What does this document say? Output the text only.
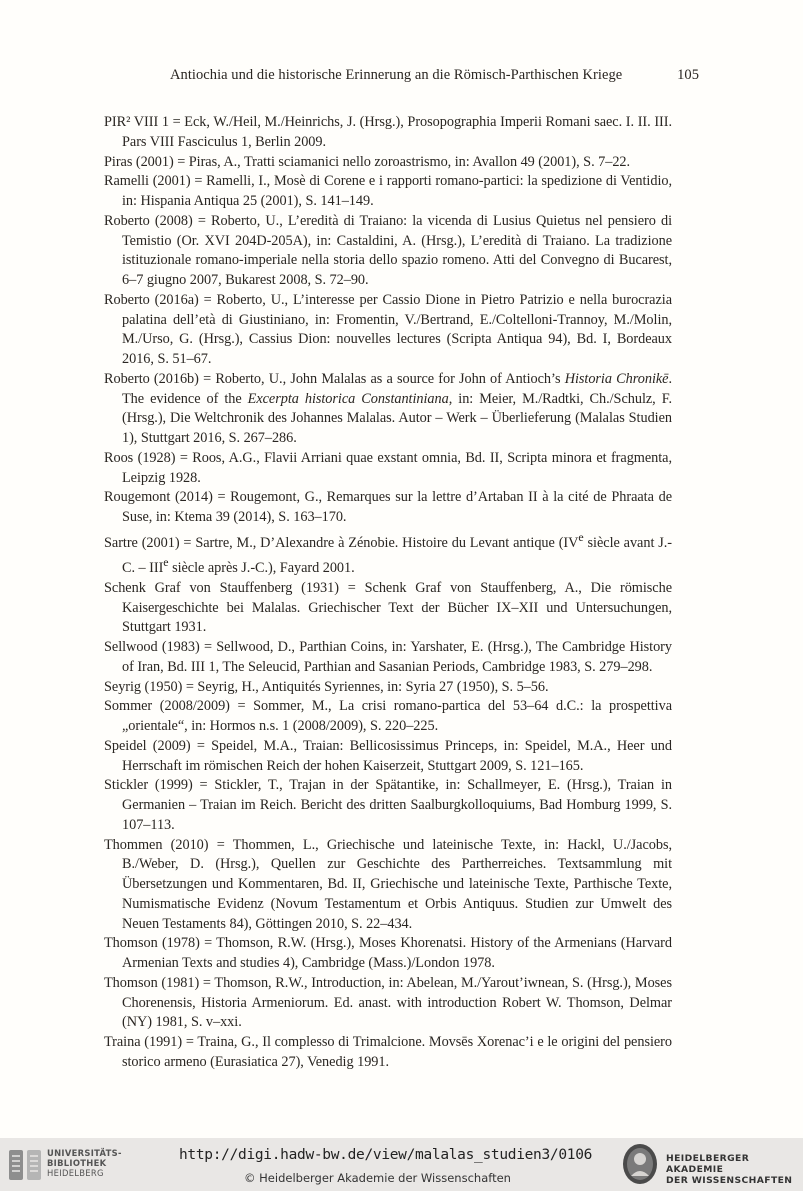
Antiochia und die historische Erinnerung an die Römisch-Parthischen Kriege	105

PIR² VIII 1 = Eck, W./Heil, M./Heinrichs, J. (Hrsg.), Prosopographia Imperii Romani saec. I. II. III. Pars VIII Fasciculus 1, Berlin 2009.

Piras (2001) = Piras, A., Tratti sciamanici nello zoroastrismo, in: Avallon 49 (2001), S. 7–22.

Ramelli (2001) = Ramelli, I., Mosè di Corene e i rapporti romano-partici: la spedizione di Ventidio, in: Hispania Antiqua 25 (2001), S. 141–149.

Roberto (2008) = Roberto, U., L’eredità di Traiano: la vicenda di Lusius Quietus nel pensiero di Temistio (Or. XVI 204D-205A), in: Castaldini, A. (Hrsg.), L’eredità di Traiano. La tradizione istituzionale romano-imperiale nella storia dello spazio romeno. Atti del Convegno di Bucarest, 6–7 giugno 2007, Bukarest 2008, S. 72–90.

Roberto (2016a) = Roberto, U., L’interesse per Cassio Dione in Pietro Patrizio e nella burocrazia palatina dell’età di Giustiniano, in: Fromentin, V./Bertrand, E./Coltelloni-Trannoy, M./Molin, M./Urso, G. (Hrsg.), Cassius Dion: nouvelles lectures (Scripta Antiqua 94), Bd. I, Bordeaux 2016, S. 51–67.

Roberto (2016b) = Roberto, U., John Malalas as a source for John of Antioch’s Historia Chronikē. The evidence of the Excerpta historica Constantiniana, in: Meier, M./Radtki, Ch./Schulz, F. (Hrsg.), Die Weltchronik des Johannes Malalas. Autor – Werk – Überlieferung (Malalas Studien 1), Stuttgart 2016, S. 267–286.

Roos (1928) = Roos, A.G., Flavii Arriani quae exstant omnia, Bd. II, Scripta minora et fragmenta, Leipzig 1928.

Rougemont (2014) = Rougemont, G., Remarques sur la lettre d’Artaban II à la cité de Phraata de Suse, in: Ktema 39 (2014), S. 163–170.

Sartre (2001) = Sartre, M., D’Alexandre à Zénobie. Histoire du Levant antique (IVe siècle avant J.-C. – IIIe siècle après J.-C.), Fayard 2001.

Schenk Graf von Stauffenberg (1931) = Schenk Graf von Stauffenberg, A., Die römische Kaisergeschichte bei Malalas. Griechischer Text der Bücher IX–XII und Untersuchungen, Stuttgart 1931.

Sellwood (1983) = Sellwood, D., Parthian Coins, in: Yarshater, E. (Hrsg.), The Cambridge History of Iran, Bd. III 1, The Seleucid, Parthian and Sasanian Periods, Cambridge 1983, S. 279–298.

Seyrig (1950) = Seyrig, H., Antiquités Syriennes, in: Syria 27 (1950), S. 5–56.

Sommer (2008/2009) = Sommer, M., La crisi romano-partica del 53–64 d.C.: la prospettiva „orientale“, in: Hormos n.s. 1 (2008/2009), S. 220–225.

Speidel (2009) = Speidel, M.A., Traian: Bellicosissimus Princeps, in: Speidel, M.A., Heer und Herrschaft im römischen Reich der hohen Kaiserzeit, Stuttgart 2009, S. 121–165.

Stickler (1999) = Stickler, T., Trajan in der Spätantike, in: Schallmeyer, E. (Hrsg.), Traian in Germanien – Traian im Reich. Bericht des dritten Saalburgkolloquiums, Bad Homburg 1999, S. 107–113.

Thommen (2010) = Thommen, L., Griechische und lateinische Texte, in: Hackl, U./Jacobs, B./Weber, D. (Hrsg.), Quellen zur Geschichte des Partherreiches. Textsammlung mit Übersetzungen und Kommentaren, Bd. II, Griechische und lateinische Texte, Parthische Texte, Numismatische Evidenz (Novum Testamentum et Orbis Antiquus. Studien zur Umwelt des Neuen Testaments 84), Göttingen 2010, S. 22–434.

Thomson (1978) = Thomson, R.W. (Hrsg.), Moses Khorenatsi. History of the Armenians (Harvard Armenian Texts and studies 4), Cambridge (Mass.)/London 1978.

Thomson (1981) = Thomson, R.W., Introduction, in: Abelean, M./Yarout’iwnean, S. (Hrsg.), Moses Chorenensis, Historia Armeniorum. Ed. anast. with introduction Robert W. Thomson, Delmar (NY) 1981, S. v–xxi.

Traina (1991) = Traina, G., Il complesso di Trimalcione. Movsēs Xorenac’i e le origini del pensiero storico armeno (Eurasiatica 27), Venedig 1991.

UNIVERSITÄTS-
BIBLIOTHEK
HEIDELBERG
http://digi.hadw-bw.de/view/malalas_studien3/0106
© Heidelberger Akademie der Wissenschaften
HEIDELBERGER AKADEMIE
DER WISSENSCHAFTEN
